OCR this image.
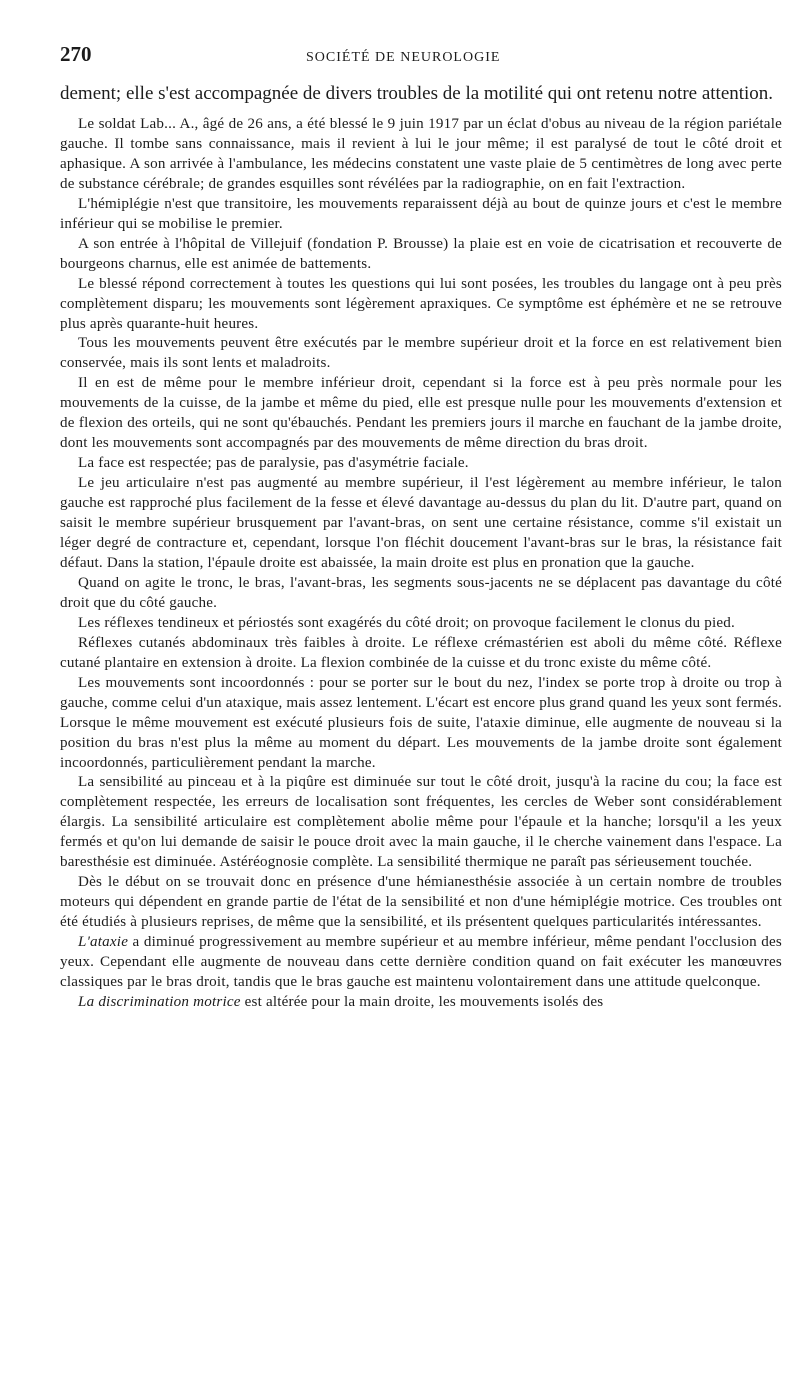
270	SOCIÉTÉ DE NEUROLOGIE

dement; elle s'est accompagnée de divers troubles de la motilité qui ont retenu notre attention.

Le soldat Lab... A., âgé de 26 ans, a été blessé le 9 juin 1917 par un éclat d'obus au niveau de la région pariétale gauche. Il tombe sans connaissance, mais il revient à lui le jour même; il est paralysé de tout le côté droit et aphasique. A son arrivée à l'ambulance, les médecins constatent une vaste plaie de 5 centimètres de long avec perte de substance cérébrale; de grandes esquilles sont révélées par la radiographie, on en fait l'extraction.

L'hémiplégie n'est que transitoire, les mouvements reparaissent déjà au bout de quinze jours et c'est le membre inférieur qui se mobilise le premier.

A son entrée à l'hôpital de Villejuif (fondation P. Brousse) la plaie est en voie de cicatrisation et recouverte de bourgeons charnus, elle est animée de battements.

Le blessé répond correctement à toutes les questions qui lui sont posées, les troubles du langage ont à peu près complètement disparu; les mouvements sont légèrement apraxiques. Ce symptôme est éphémère et ne se retrouve plus après quarante-huit heures.

Tous les mouvements peuvent être exécutés par le membre supérieur droit et la force en est relativement bien conservée, mais ils sont lents et maladroits.

Il en est de même pour le membre inférieur droit, cependant si la force est à peu près normale pour les mouvements de la cuisse, de la jambe et même du pied, elle est presque nulle pour les mouvements d'extension et de flexion des orteils, qui ne sont qu'ébauchés. Pendant les premiers jours il marche en fauchant de la jambe droite, dont les mouvements sont accompagnés par des mouvements de même direction du bras droit.

La face est respectée; pas de paralysie, pas d'asymétrie faciale.

Le jeu articulaire n'est pas augmenté au membre supérieur, il l'est légèrement au membre inférieur, le talon gauche est rapproché plus facilement de la fesse et élevé davantage au-dessus du plan du lit. D'autre part, quand on saisit le membre supérieur brusquement par l'avant-bras, on sent une certaine résistance, comme s'il existait un léger degré de contracture et, cependant, lorsque l'on fléchit doucement l'avant-bras sur le bras, la résistance fait défaut. Dans la station, l'épaule droite est abaissée, la main droite est plus en pronation que la gauche.

Quand on agite le tronc, le bras, l'avant-bras, les segments sous-jacents ne se déplacent pas davantage du côté droit que du côté gauche.

Les réflexes tendineux et périostés sont exagérés du côté droit; on provoque facilement le clonus du pied.

Réflexes cutanés abdominaux très faibles à droite. Le réflexe crémastérien est aboli du même côté. Réflexe cutané plantaire en extension à droite. La flexion combinée de la cuisse et du tronc existe du même côté.

Les mouvements sont incoordonnés : pour se porter sur le bout du nez, l'index se porte trop à droite ou trop à gauche, comme celui d'un ataxique, mais assez lentement. L'écart est encore plus grand quand les yeux sont fermés. Lorsque le même mouvement est exécuté plusieurs fois de suite, l'ataxie diminue, elle augmente de nouveau si la position du bras n'est plus la même au moment du départ. Les mouvements de la jambe droite sont également incoordonnés, particulièrement pendant la marche.

La sensibilité au pinceau et à la piqûre est diminuée sur tout le côté droit, jusqu'à la racine du cou; la face est complètement respectée, les erreurs de localisation sont fréquentes, les cercles de Weber sont considérablement élargis. La sensibilité articulaire est complètement abolie même pour l'épaule et la hanche; lorsqu'il a les yeux fermés et qu'on lui demande de saisir le pouce droit avec la main gauche, il le cherche vainement dans l'espace. La baresthésie est diminuée. Astéréognosie complète. La sensibilité thermique ne paraît pas sérieusement touchée.

Dès le début on se trouvait donc en présence d'une hémianesthésie associée à un certain nombre de troubles moteurs qui dépendent en grande partie de l'état de la sensibilité et non d'une hémiplégie motrice. Ces troubles ont été étudiés à plusieurs reprises, de même que la sensibilité, et ils présentent quelques particularités intéressantes.

L'ataxie a diminué progressivement au membre supérieur et au membre inférieur, même pendant l'occlusion des yeux. Cependant elle augmente de nouveau dans cette dernière condition quand on fait exécuter les manœuvres classiques par le bras droit, tandis que le bras gauche est maintenu volontairement dans une attitude quelconque.

La discrimination motrice est altérée pour la main droite, les mouvements isolés des
